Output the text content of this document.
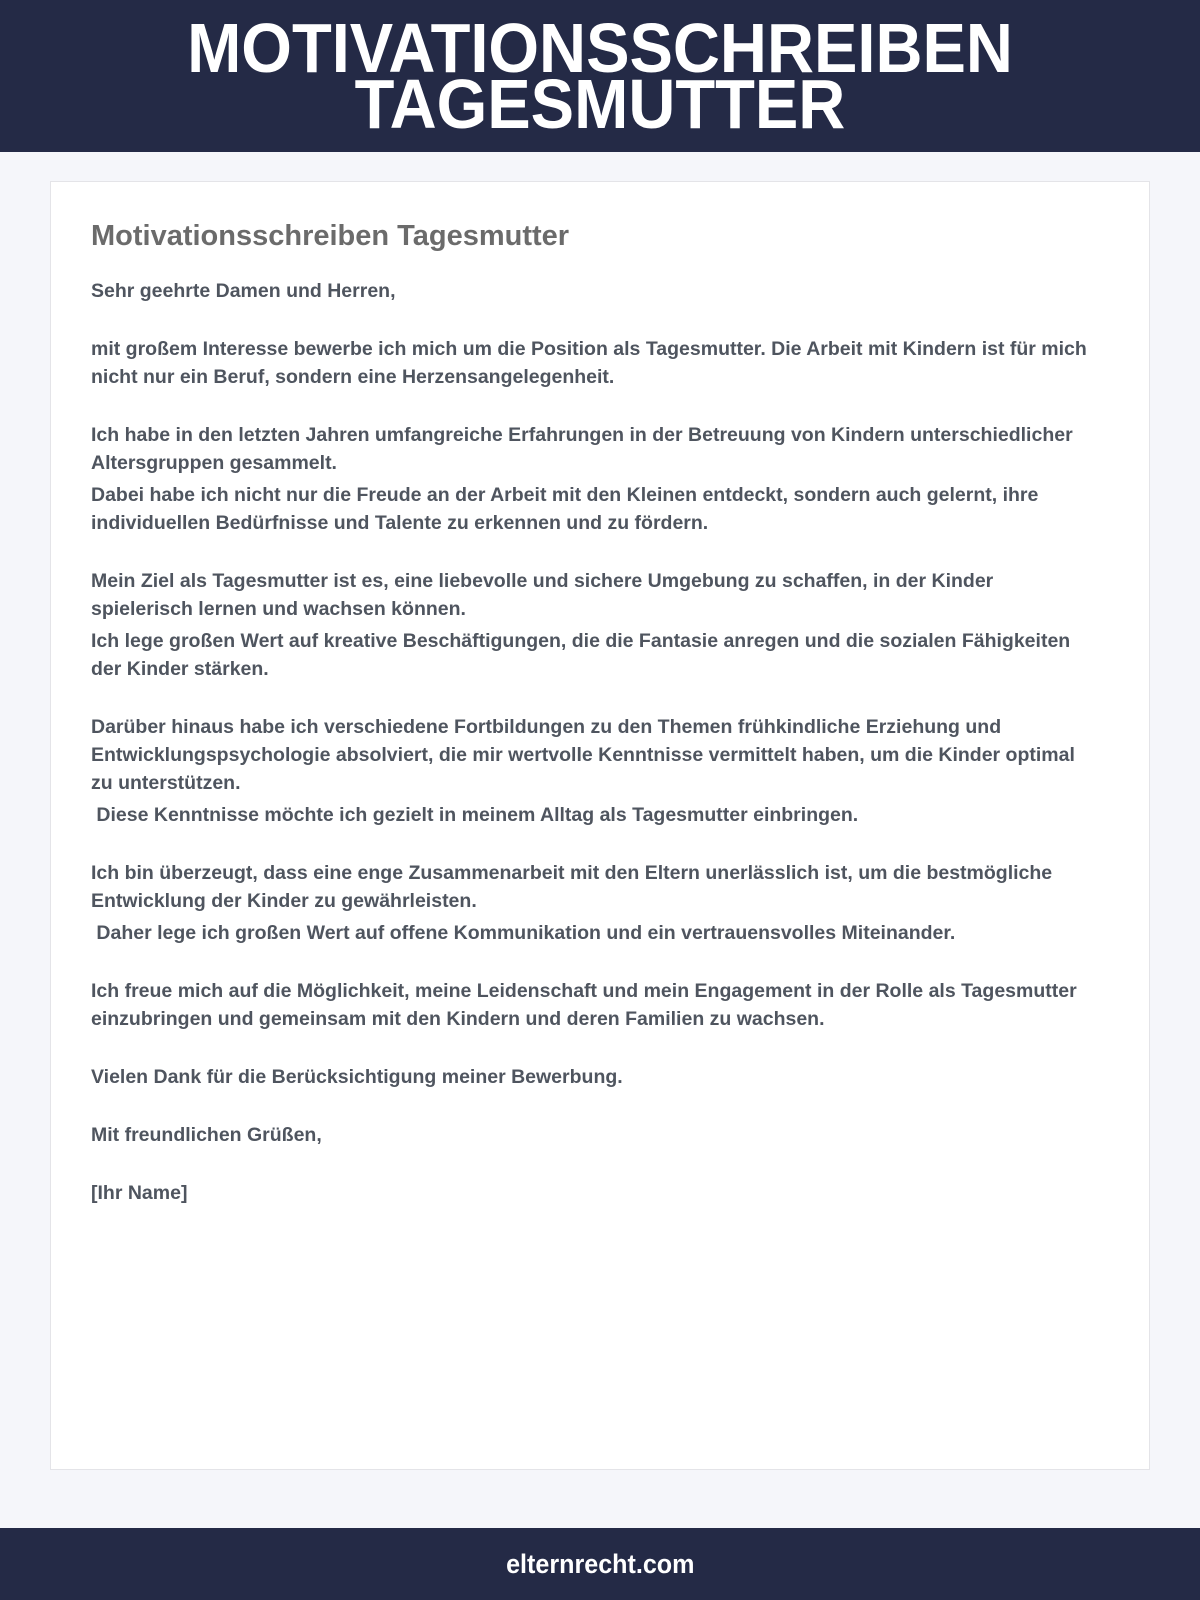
MOTIVATIONSSCHREIBEN
TAGESMUTTER
Motivationsschreiben Tagesmutter

Sehr geehrte Damen und Herren,

mit großem Interesse bewerbe ich mich um die Position als Tagesmutter. Die Arbeit mit Kindern ist für mich nicht nur ein Beruf, sondern eine Herzensangelegenheit.

Ich habe in den letzten Jahren umfangreiche Erfahrungen in der Betreuung von Kindern unterschiedlicher Altersgruppen gesammelt.

Dabei habe ich nicht nur die Freude an der Arbeit mit den Kleinen entdeckt, sondern auch gelernt, ihre individuellen Bedürfnisse und Talente zu erkennen und zu fördern.

Mein Ziel als Tagesmutter ist es, eine liebevolle und sichere Umgebung zu schaffen, in der Kinder spielerisch lernen und wachsen können.

Ich lege großen Wert auf kreative Beschäftigungen, die die Fantasie anregen und die sozialen Fähigkeiten der Kinder stärken.

Darüber hinaus habe ich verschiedene Fortbildungen zu den Themen frühkindliche Erziehung und Entwicklungspsychologie absolviert, die mir wertvolle Kenntnisse vermittelt haben, um die Kinder optimal zu unterstützen.

Diese Kenntnisse möchte ich gezielt in meinem Alltag als Tagesmutter einbringen.

Ich bin überzeugt, dass eine enge Zusammenarbeit mit den Eltern unerlässlich ist, um die bestmögliche Entwicklung der Kinder zu gewährleisten.

Daher lege ich großen Wert auf offene Kommunikation und ein vertrauensvolles Miteinander.

Ich freue mich auf die Möglichkeit, meine Leidenschaft und mein Engagement in der Rolle als Tagesmutter einzubringen und gemeinsam mit den Kindern und deren Familien zu wachsen.

Vielen Dank für die Berücksichtigung meiner Bewerbung.

Mit freundlichen Grüßen,

[Ihr Name]

elternrecht.com
